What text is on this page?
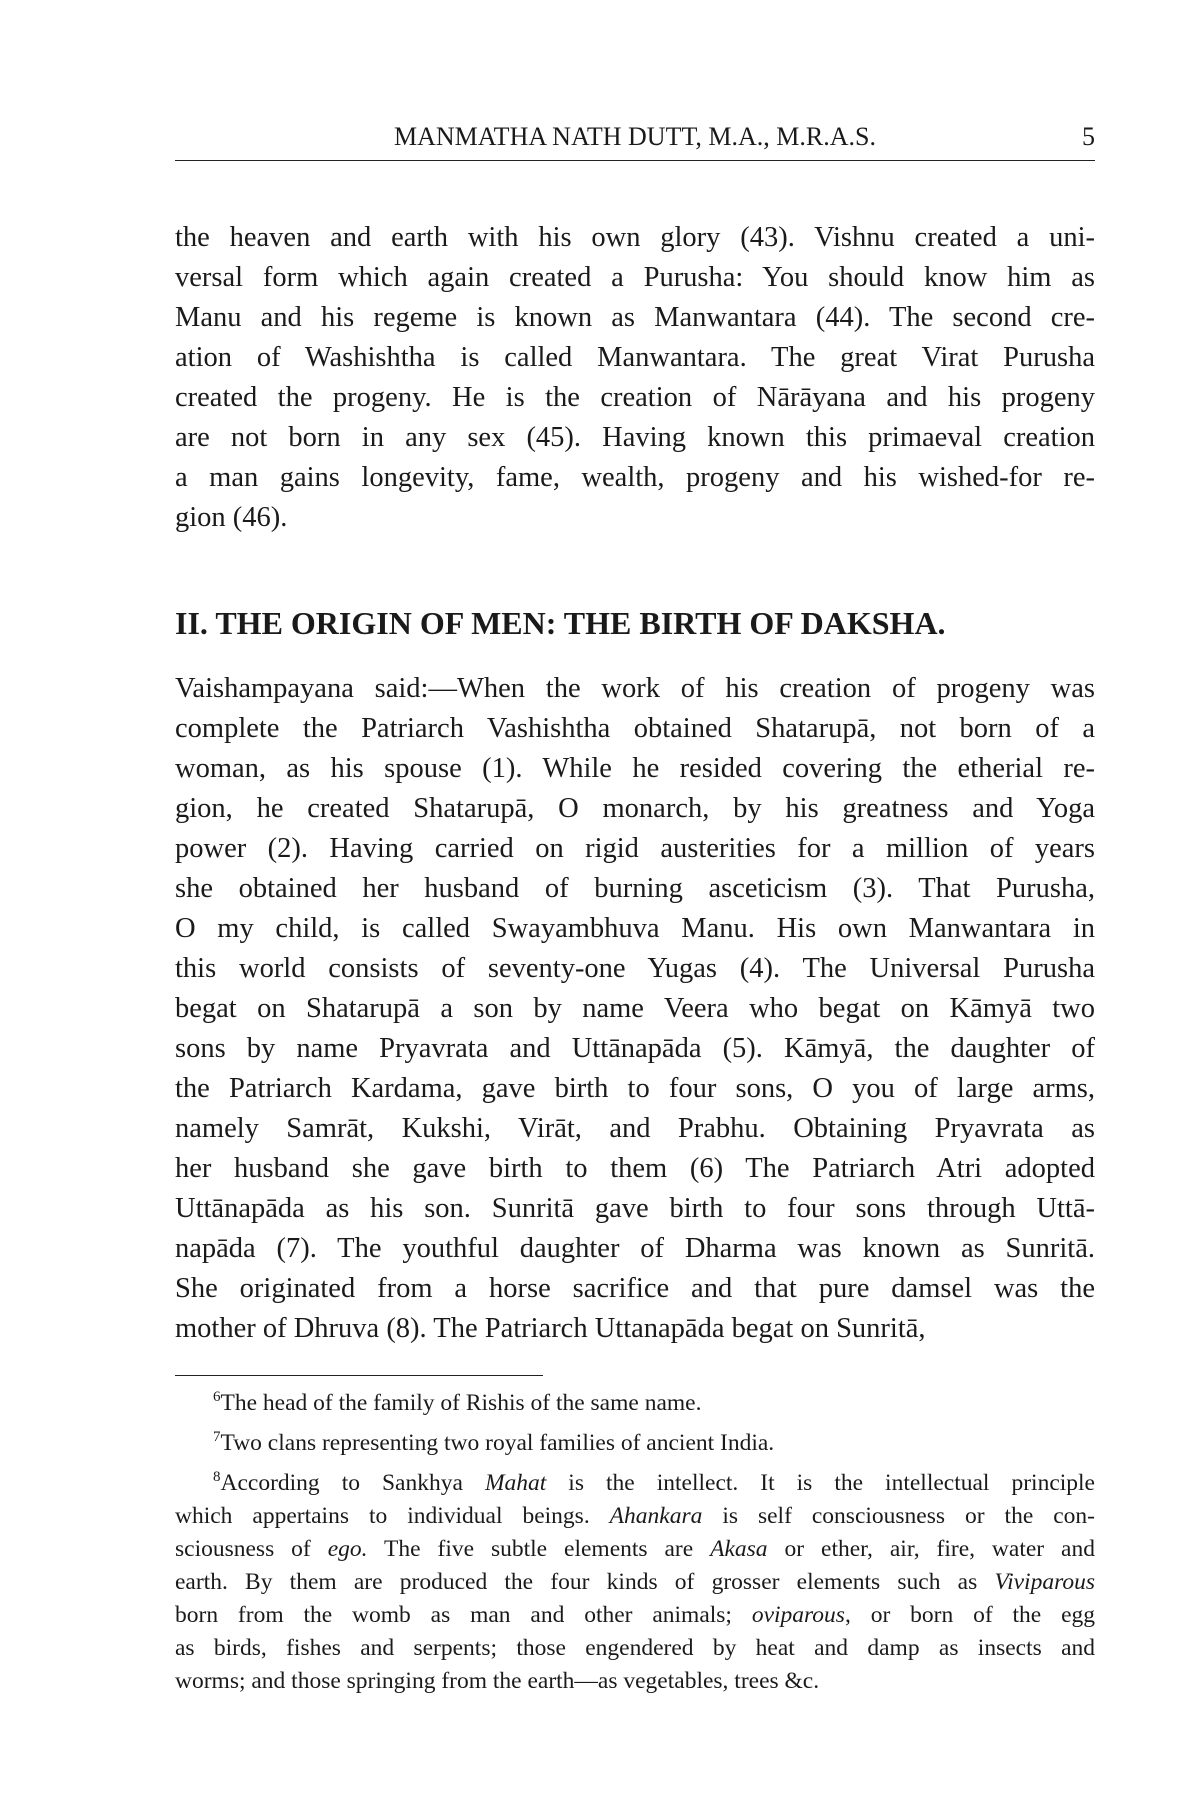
MANMATHA NATH DUTT, M.A., M.R.A.S.	5
the heaven and earth with his own glory (43). Vishnu created a uni-
versal form which again created a Purusha: You should know him as
Manu and his regeme is known as Manwantara (44). The second cre-
ation of Washishtha is called Manwantara. The great Virat Purusha
created the progeny. He is the creation of Nārāyana and his progeny
are not born in any sex (45). Having known this primaeval creation
a man gains longevity, fame, wealth, progeny and his wished-for re-
gion (46).
II. THE ORIGIN OF MEN: THE BIRTH OF DAKSHA.
Vaishampayana said:—When the work of his creation of progeny was
complete the Patriarch Vashishtha obtained Shatarupā, not born of a
woman, as his spouse (1). While he resided covering the etherial re-
gion, he created Shatarupā, O monarch, by his greatness and Yoga
power (2). Having carried on rigid austerities for a million of years
she obtained her husband of burning asceticism (3). That Purusha,
O my child, is called Swayambhuva Manu. His own Manwantara in
this world consists of seventy-one Yugas (4). The Universal Purusha
begat on Shatarupā a son by name Veera who begat on Kāmyā two
sons by name Pryavrata and Uttānapāda (5). Kāmyā, the daughter of
the Patriarch Kardama, gave birth to four sons, O you of large arms,
namely Samrāt, Kukshi, Virāt, and Prabhu. Obtaining Pryavrata as
her husband she gave birth to them (6) The Patriarch Atri adopted
Uttānapāda as his son. Sunritā gave birth to four sons through Uttā-
napāda (7). The youthful daughter of Dharma was known as Sunritā.
She originated from a horse sacrifice and that pure damsel was the
mother of Dhruva (8). The Patriarch Uttanapāda begat on Sunritā,
$^6$The head of the family of Rishis of the same name.
$^7$Two clans representing two royal families of ancient India.
$^8$According to Sankhya Mahat is the intellect. It is the intellectual principle
which appertains to individual beings. Ahankara is self consciousness or the con-
sciousness of ego. The five subtle elements are Akasa or ether, air, fire, water and
earth. By them are produced the four kinds of grosser elements such as Viviparous
born from the womb as man and other animals; oviparous, or born of the egg
as birds, fishes and serpents; those engendered by heat and damp as insects and
worms; and those springing from the earth—as vegetables, trees &c.
